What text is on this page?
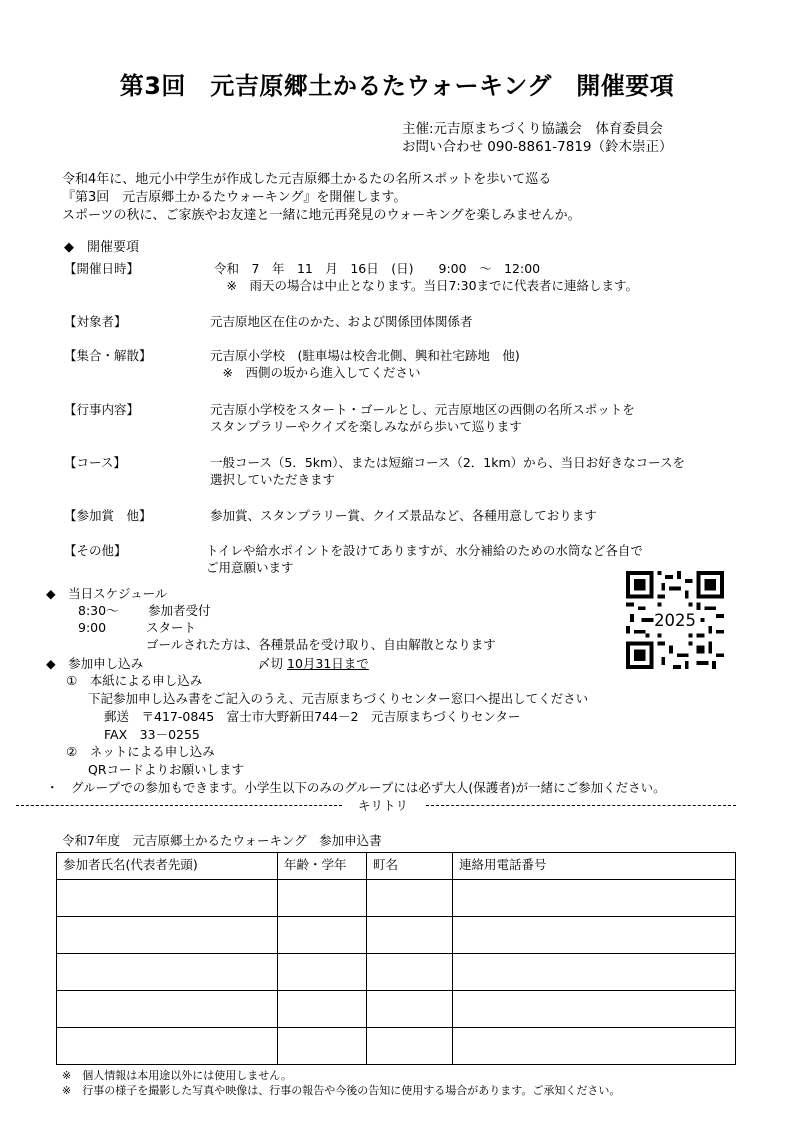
第3回　元吉原郷土かるたウォーキング　開催要項
主催:元吉原まちづくり協議会　体育委員会
お問い合わせ 090-8861-7819（鈴木崇正）
令和4年に、地元小中学生が作成した元吉原郷土かるたの名所スポットを歩いて巡る
『第3回　元吉原郷土かるたウォーキング』を開催します。
スポーツの秋に、ご家族やお友達と一緒に地元再発見のウォーキングを楽しみませんか。
◆　開催要項
【開催日時】	令和　7　年　11　月　16日　(日)　　9:00　～　12:00
　※　雨天の場合は中止となります。当日7:30までに代表者に連絡します。
【対象者】	元吉原地区在住のかた、および関係団体関係者
【集合・解散】	元吉原小学校　(駐車場は校舎北側、興和社宅跡地　他)
　※　西側の坂から進入してください
【行事内容】	元吉原小学校をスタート・ゴールとし、元吉原地区の西側の名所スポットを
スタンプラリーやクイズを楽しみながら歩いて巡ります
【コース】	一般コース（5．5km）、または短縮コース（2．1km）から、当日お好きなコースを
選択していただきます
【参加賞　他】	参加賞、スタンプラリー賞、クイズ景品など、各種用意しております
【その他】	トイレや給水ポイントを設けてありますが、水分補給のための水筒など各自で
ご用意願います
◆　当日スケジュール
8:30～ 参加者受付
9:00	スタート
ゴールされた方は、各種景品を受け取り、自由解散となります
◆　参加申し込み	〆切 10月31日まで
①　本紙による申し込み
下記参加申し込み書をご記入のうえ、元吉原まちづくりセンター窓口へ提出してください
郵送　〒417-0845　富士市大野新田744－2　元吉原まちづくりセンター
FAX　33－0255
②　ネットによる申し込み
QRコードよりお願いします
・　グループでの参加もできます。小学生以下のみのグループには必ず大人(保護者)が一緒にご参加ください。
2025
キリトリ
令和7年度　元吉原郷土かるたウォーキング　参加申込書
参加者氏名(代表者先頭)	年齢・学年	町名	連絡用電話番号

※　個人情報は本用途以外には使用しません。
※　行事の様子を撮影した写真や映像は、行事の報告や今後の告知に使用する場合があります。ご承知ください。
